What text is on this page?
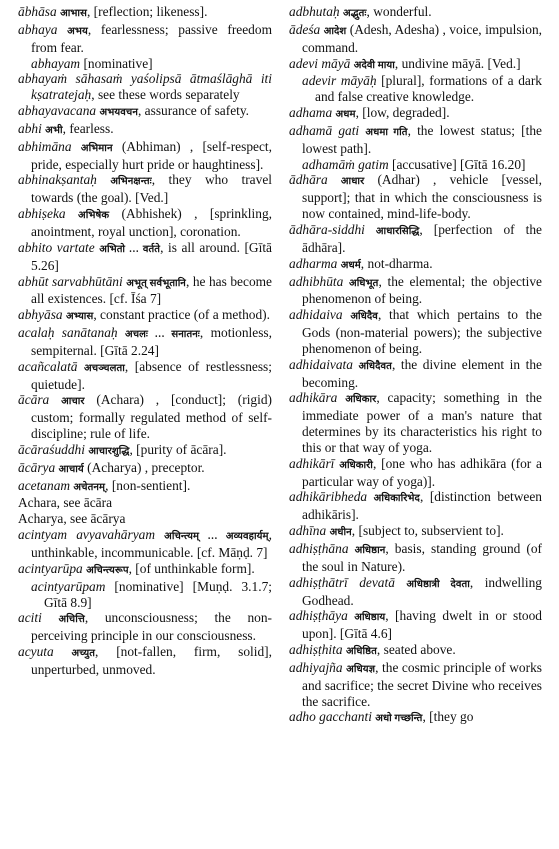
ābhāsa आभास, [reflection; likeness].

abhaya अभय, fearlessness; passive freedom from fear.

abhayam [nominative]

abhayaṁ sāhasaṁ yaśolipsā ātmaślāghā iti kṣatratejaḥ, see these words separately

abhayavacana अभयवचन, assurance of safety.

abhi अभी, fearless.

abhimāna अभिमान (Abhiman) , [self-respect, pride, especially hurt pride or haughtiness].

abhinakṣantaḥ अभिनक्षन्तः, they who travel towards (the goal). [Ved.]

abhiṣeka अभिषेक (Abhishek) , [sprinkling, anointment, royal unction], coronation.

abhito vartate अभितो … वर्तते, is all around. [Gītā 5.26]

abhūt sarvabhūtāni अभूत् सर्वभूतानि, he has become all existences. [cf. Īśa 7]

abhyāsa अभ्यास, constant practice (of a method).

acalaḥ sanātanaḥ अचलः … सनातनः, motionless, sempiternal. [Gītā 2.24]

acañcalatā अचञ्चलता, [absence of restlessness; quietude].

ācāra आचार (Achara) , [conduct]; (rigid) custom; formally regulated method of self-discipline; rule of life.

ācāraśuddhi आचारशुद्धि, [purity of ācāra].

ācārya आचार्य (Acharya) , preceptor.

acetanam अचेतनम्, [non-sentient].

Achara, see ācāra

Acharya, see ācārya

acintyam avyavahāryam अचिन्त्यम् … अव्यवहार्यम्, unthinkable, incommunicable. [cf. Māṇḍ. 7]

acintyarūpa अचिन्त्यरूप, [of unthinkable form].

acintyarūpam [nominative] [Muṇḍ. 3.1.7; Gītā 8.9]

aciti अचित्ति, unconsciousness; the non-perceiving principle in our consciousness.

acyuta अच्युत, [not-fallen, firm, solid], unperturbed, unmoved.

adbhutaḥ अद्भुतः, wonderful.

ādeśa आदेश (Adesh, Adesha) , voice, impulsion, command.

adevi māyā अदेवी माया, undivine māyā. [Ved.]

adevir māyāḥ [plural], formations of a dark and false creative knowledge.

adhama अधम, [low, degraded].

adhamā gati अधमा गति, the lowest status; [the lowest path].

adhamāṁ gatim [accusative] [Gītā 16.20]

ādhāra आधार (Adhar) , vehicle [vessel, support]; that in which the consciousness is now contained, mind-life-body.

ādhāra-siddhi आधारसिद्धि, [perfection of the ādhāra].

adharma अधर्म, not-dharma.

adhibhūta अधिभूत, the elemental; the objective phenomenon of being.

adhidaiva अधिदैव, that which pertains to the Gods (non-material powers); the subjective phenomenon of being.

adhidaivata अधिदैवत, the divine element in the becoming.

adhikāra अधिकार, capacity; something in the immediate power of a man's nature that determines by its characteristics his right to this or that way of yoga.

adhikārī अधिकारी, [one who has adhikāra (for a particular way of yoga)].

adhikāribheda अधिकारिभेद, [distinction between adhikāris].

adhīna अधीन, [subject to, subservient to].

adhiṣṭhāna अधिष्ठान, basis, standing ground (of the soul in Nature).

adhiṣṭhātrī devatā अधिष्ठात्री देवता, indwelling Godhead.

adhiṣṭhāya अधिष्ठाय, [having dwelt in or stood upon]. [Gītā 4.6]

adhiṣṭhita अधिष्ठित, seated above.

adhiyajña अधियज्ञ, the cosmic principle of works and sacrifice; the secret Divine who receives the sacrifice.

adho gacchanti अधो गच्छन्ति, [they go
